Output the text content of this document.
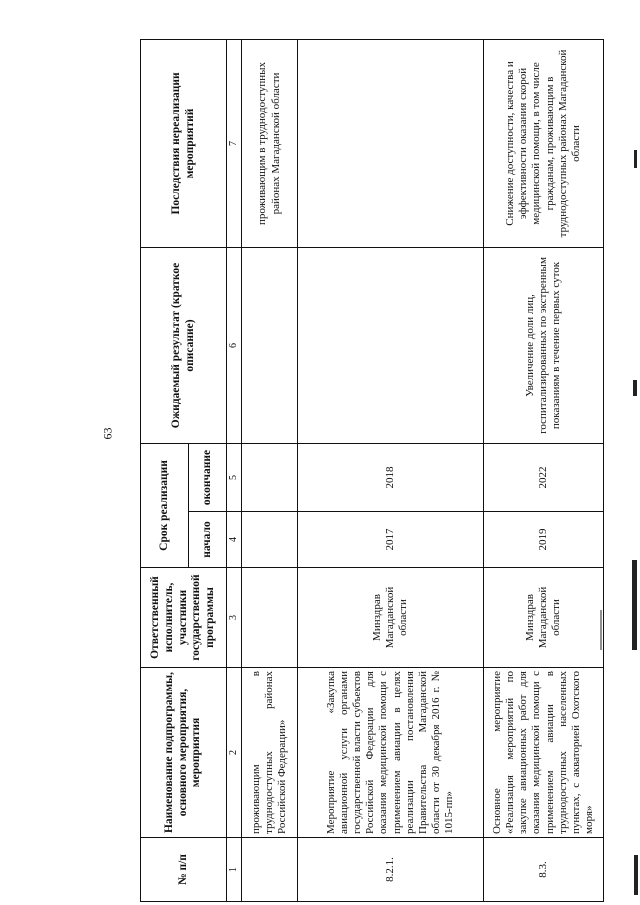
63
№ п/п	Наименование подпрограммы, основного мероприятия, мероприятия	Ответственный исполнитель, участники государственной программы	Срок реализации		Ожидаемый результат (краткое описание)	Последствия нереализации мероприятий
			начало	окончание		
1	2	3	4	5	6	7
	проживающим в труднодоступных районах Российской Федерации»					проживающим в труднодоступных районах Магаданской области
8.2.1.	Мероприятие «Закупка авиационной услуги органами государственной власти субъектов Российской Федерации для оказания медицинской помощи с применением авиации в целях реализации постановления Правительства Магаданской области от 30 декабря 2016 г. № 1015-пп»	Минздрав Магаданской области	2017	2018		
8.3.	Основное мероприятие «Реализация мероприятий по закупке авиационных работ для оказания медицинской помощи с применением авиации в труднодоступных населенных пунктах, с акваторией Охотского моря»	Минздрав Магаданской области	2019	2022	Увеличение доли лиц, госпитализированных по экстренным показаниям в течение первых суток	Снижение доступности, качества и эффективности оказания скорой медицинской помощи, в том числе гражданам, проживающим в труднодоступных районах Магаданской области
